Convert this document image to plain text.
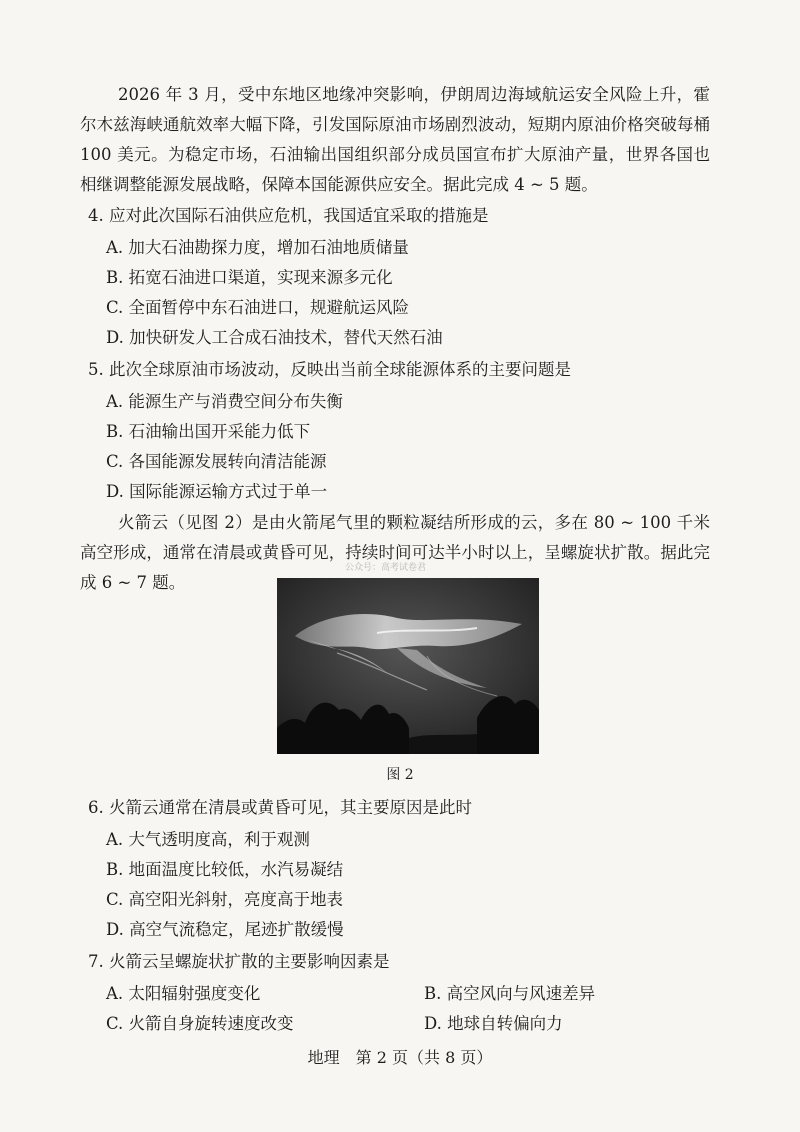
2026 年 3 月，受中东地区地缘冲突影响，伊朗周边海域航运安全风险上升，霍尔木兹海峡通航效率大幅下降，引发国际原油市场剧烈波动，短期内原油价格突破每桶 100 美元。为稳定市场，石油输出国组织部分成员国宣布扩大原油产量，世界各国也相继调整能源发展战略，保障本国能源供应安全。据此完成 4 ~ 5 题。

4. 应对此次国际石油供应危机，我国适宜采取的措施是

A. 加大石油勘探力度，增加石油地质储量

B. 拓宽石油进口渠道，实现来源多元化

C. 全面暂停中东石油进口，规避航运风险

D. 加快研发人工合成石油技术，替代天然石油

5. 此次全球原油市场波动，反映出当前全球能源体系的主要问题是

A. 能源生产与消费空间分布失衡

B. 石油输出国开采能力低下

C. 各国能源发展转向清洁能源

D. 国际能源运输方式过于单一

火箭云（见图 2）是由火箭尾气里的颗粒凝结所形成的云，多在 80 ~ 100 千米高空形成，通常在清晨或黄昏可见，持续时间可达半小时以上，呈螺旋状扩散。据此完成 6 ~ 7 题。

公众号：高考试卷君
图 2

6. 火箭云通常在清晨或黄昏可见，其主要原因是此时

A. 大气透明度高，利于观测

B. 地面温度比较低，水汽易凝结

C. 高空阳光斜射，亮度高于地表

D. 高空气流稳定，尾迹扩散缓慢

7. 火箭云呈螺旋状扩散的主要影响因素是

A. 太阳辐射强度变化	B. 高空风向与风速差异

C. 火箭自身旋转速度改变	D. 地球自转偏向力

地理　第 2 页（共 8 页）
